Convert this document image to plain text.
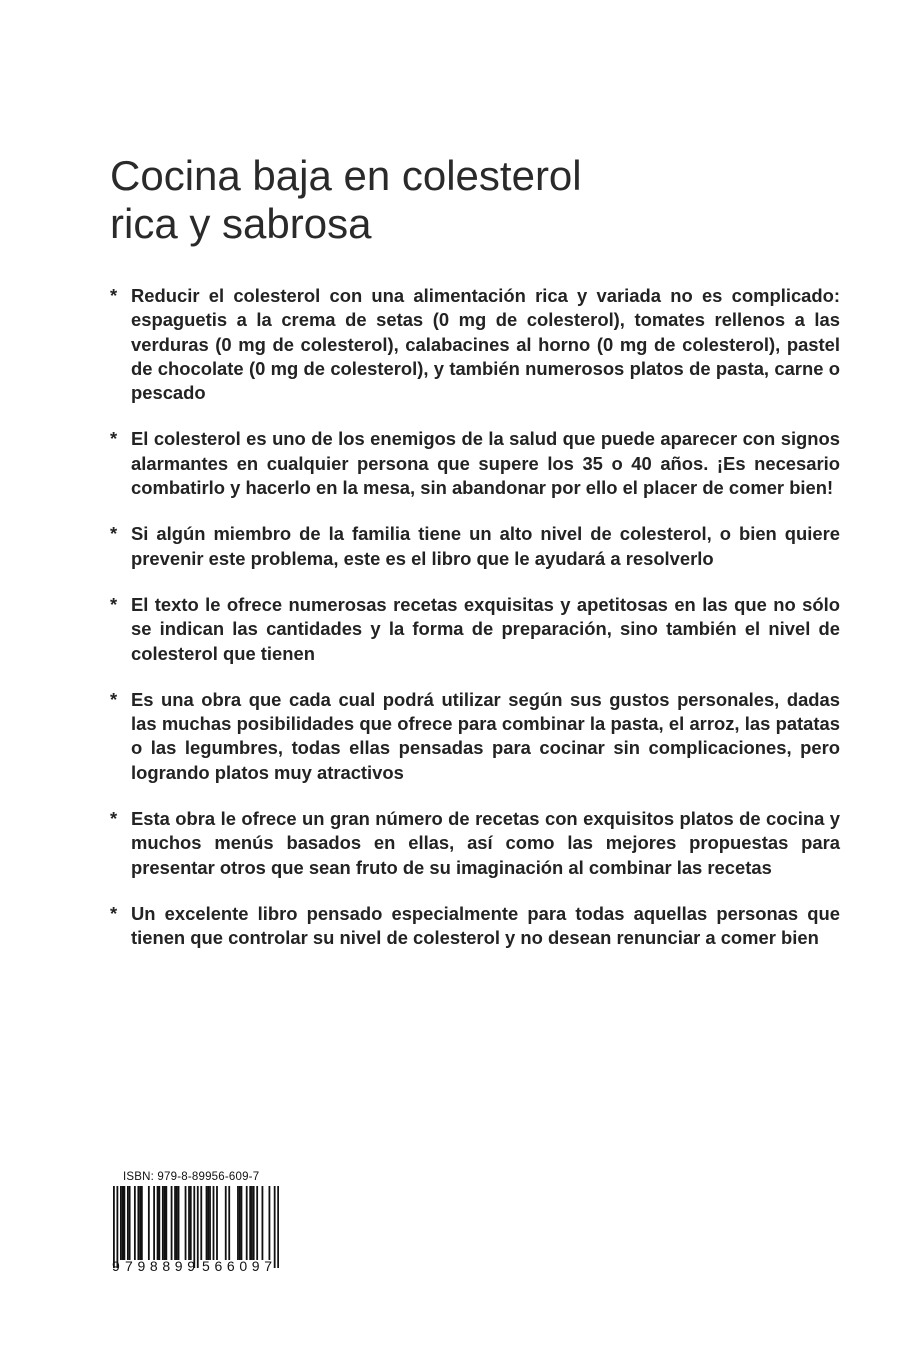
Cocina baja en colesterol
rica y sabrosa
* Reducir el colesterol con una alimentación rica y variada no es complicado: espaguetis a la crema de setas (0 mg de colesterol), tomates rellenos a las verduras (0 mg de colesterol), calabacines al horno (0 mg de colesterol), pastel de chocolate (0 mg de colesterol), y también numerosos platos de pasta, carne o pescado
* El colesterol es uno de los enemigos de la salud que puede aparecer con signos alarmantes en cualquier persona que supere los 35 o 40 años. ¡Es necesario combatirlo y hacerlo en la mesa, sin abandonar por ello el placer de comer bien!
* Si algún miembro de la familia tiene un alto nivel de colesterol, o bien quiere prevenir este problema, este es el libro que le ayudará a resolverlo
* El texto le ofrece numerosas recetas exquisitas y apetitosas en las que no sólo se indican las cantidades y la forma de preparación, sino también el nivel de colesterol que tienen
* Es una obra que cada cual podrá utilizar según sus gustos personales, dadas las muchas posibilidades que ofrece para combinar la pasta, el arroz, las patatas o las legumbres, todas ellas pensadas para cocinar sin complicaciones, pero logrando platos muy atractivos
* Esta obra le ofrece un gran número de recetas con exquisitos platos de cocina y muchos menús basados en ellas, así como las mejores propuestas para presentar otros que sean fruto de su imaginación al combinar las recetas
* Un excelente libro pensado especialmente para todas aquellas personas que tienen que controlar su nivel de colesterol y no desean renunciar a comer bien
ISBN: 979-8-89956-609-7
9 798899 566097
